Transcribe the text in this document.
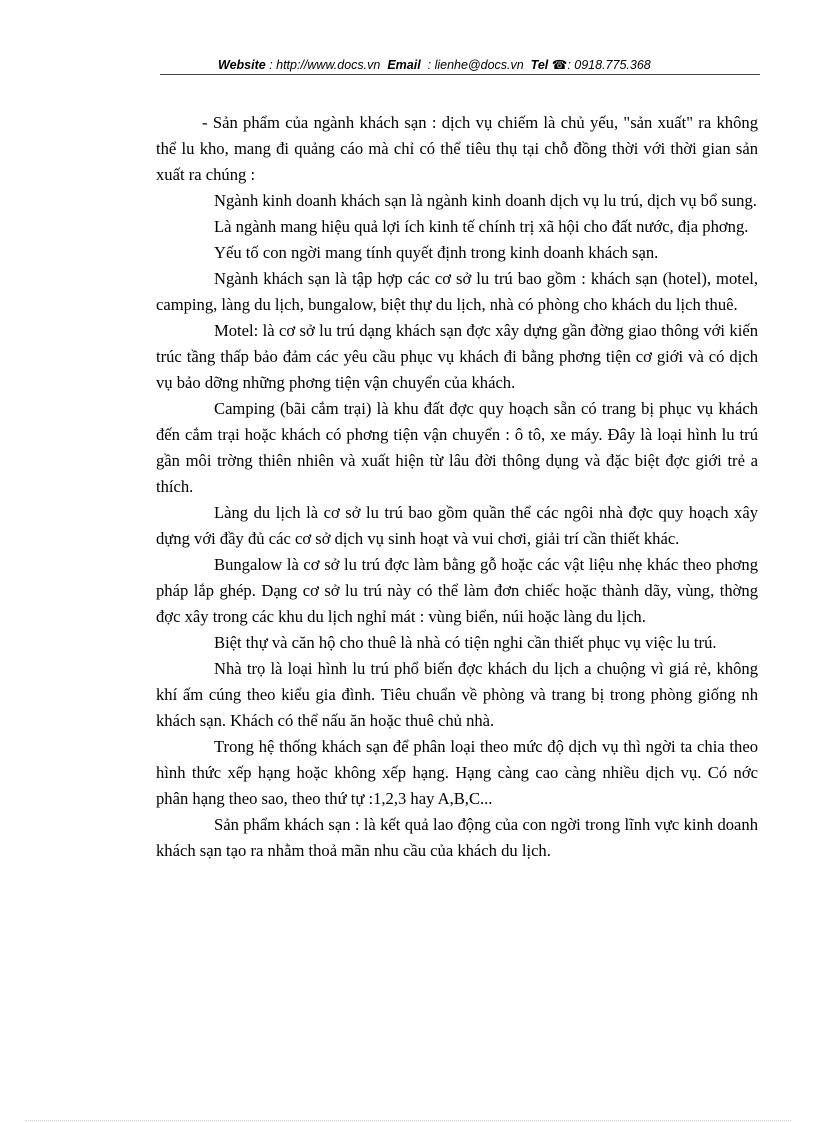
Website : http://www.docs.vn Email : lienhe@docs.vn Tel ☎: 0918.775.368

- Sản phẩm của ngành khách sạn : dịch vụ chiếm là chủ yếu, "sản xuất" ra không thể lu kho, mang đi quảng cáo mà chỉ có thể tiêu thụ tại chỗ đồng thời với thời gian sản xuất ra chúng :

Ngành kinh doanh khách sạn là ngành kinh doanh dịch vụ lu trú, dịch vụ bổ sung.

Là ngành mang hiệu quả lợi ích kinh tế chính trị xã hội cho đất nước, địa phơng.

Yếu tố con ngời mang tính quyết định trong kinh doanh khách sạn.

Ngành khách sạn là tập hợp các cơ sở lu trú bao gồm : khách sạn (hotel), motel, camping, làng du lịch, bungalow, biệt thự du lịch, nhà có phòng cho khách du lịch thuê.

Motel: là cơ sở lu trú dạng khách sạn đợc xây dựng gần đờng giao thông với kiến trúc tầng thấp bảo đảm các yêu cầu phục vụ khách đi bằng phơng tiện cơ giới và có dịch vụ bảo dỡng những phơng tiện vận chuyển của khách.

Camping (bãi cắm trại) là khu đất đợc quy hoạch sẵn có trang bị phục vụ khách đến cắm trại hoặc khách có phơng tiện vận chuyển : ô tô, xe máy. Đây là loại hình lu trú gần môi trờng thiên nhiên và xuất hiện từ lâu đời thông dụng và đặc biệt đợc giới trẻ a thích.

Làng du lịch là cơ sở lu trú bao gồm quần thể các ngôi nhà đợc quy hoạch xây dựng với đầy đủ các cơ sở dịch vụ sinh hoạt và vui chơi, giải trí cần thiết khác.

Bungalow là cơ sở lu trú đợc làm bằng gỗ hoặc các vật liệu nhẹ khác theo phơng pháp lắp ghép. Dạng cơ sở lu trú này có thể làm đơn chiếc hoặc thành dãy, vùng, thờng đợc xây trong các khu du lịch nghỉ mát : vùng biển, núi hoặc làng du lịch.

Biệt thự và căn hộ cho thuê là nhà có tiện nghi cần thiết phục vụ việc lu trú.

Nhà trọ là loại hình lu trú phổ biến đợc khách du lịch a chuộng vì giá rẻ, không khí ấm cúng theo kiểu gia đình. Tiêu chuẩn về phòng và trang bị trong phòng giống nh khách sạn. Khách có thể nấu ăn hoặc thuê chủ nhà.

Trong hệ thống khách sạn để phân loại theo mức độ dịch vụ thì ngời ta chia theo hình thức xếp hạng hoặc không xếp hạng. Hạng càng cao càng nhiều dịch vụ. Có nớc phân hạng theo sao, theo thứ tự :1,2,3 hay A,B,C...

Sản phẩm khách sạn : là kết quả lao động của con ngời trong lĩnh vực kinh doanh khách sạn tạo ra nhằm thoả mãn nhu cầu của khách du lịch.
